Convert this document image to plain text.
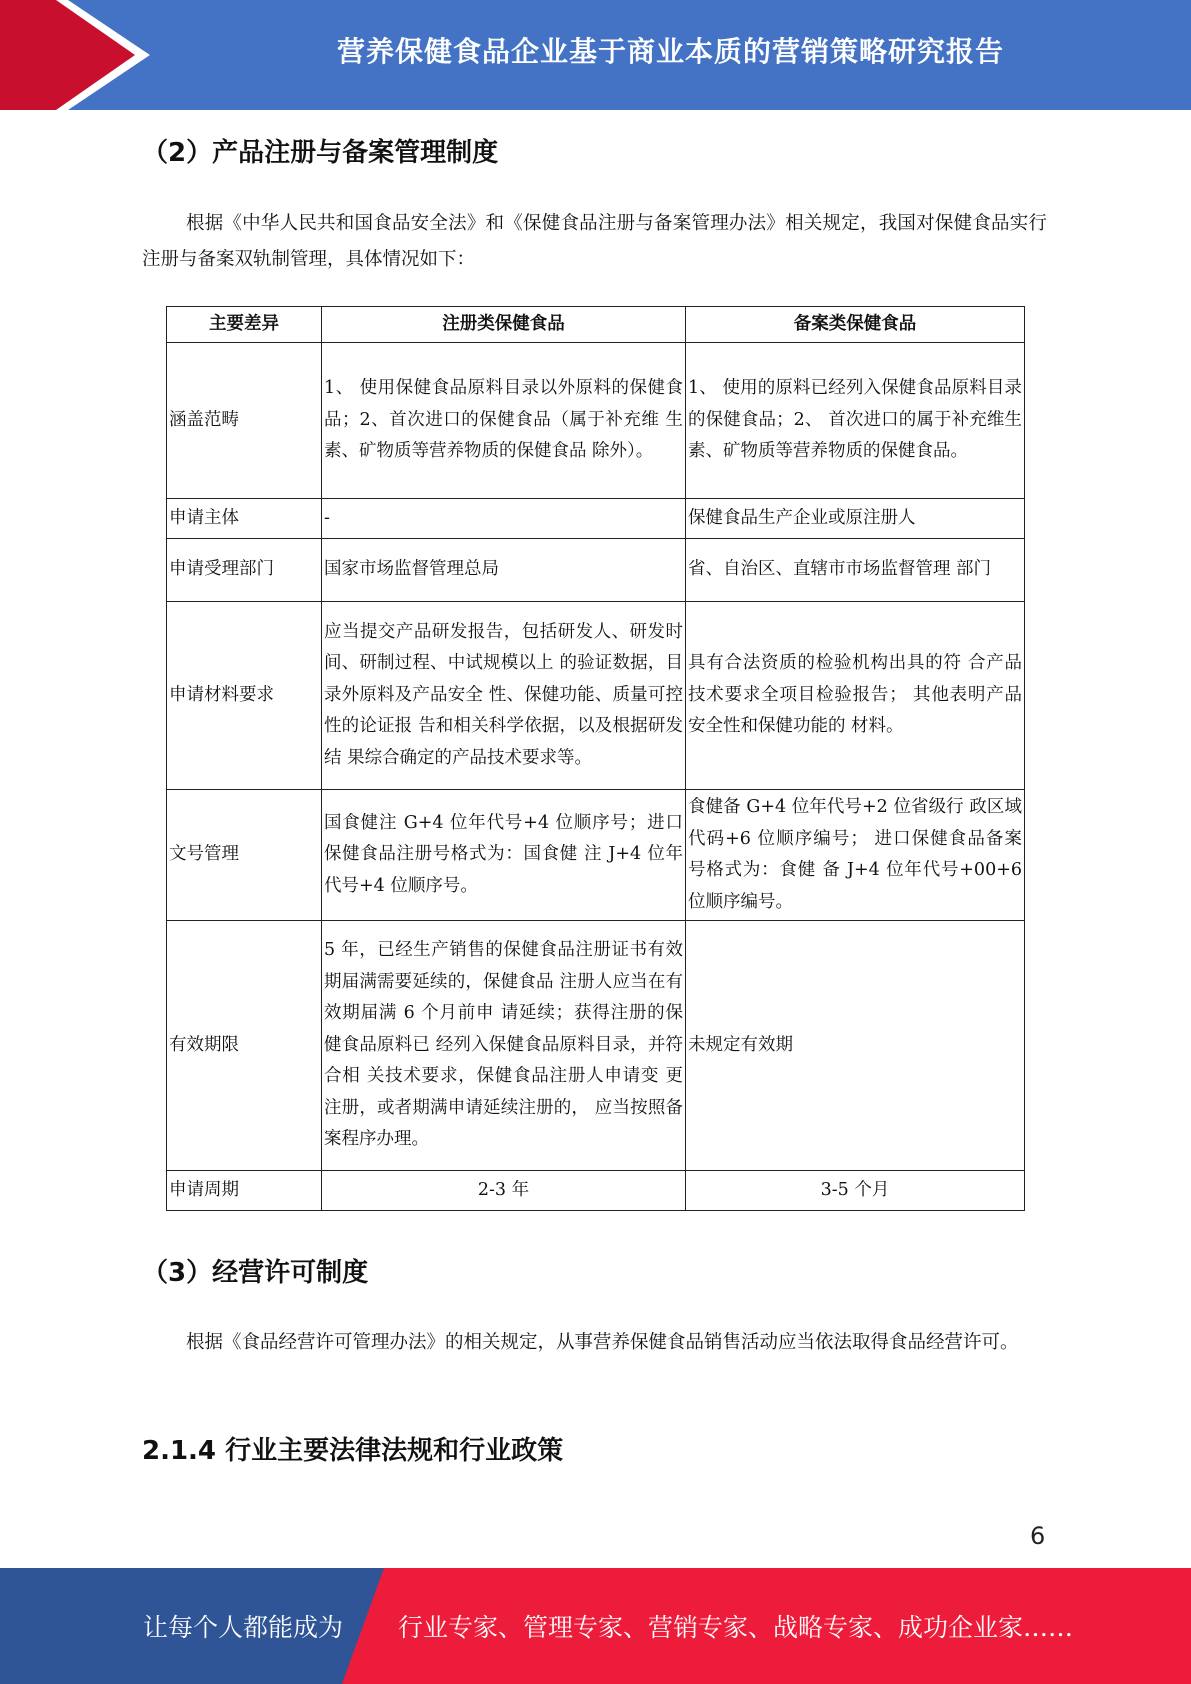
营养保健食品企业基于商业本质的营销策略研究报告
（2）产品注册与备案管理制度
根据《中华人民共和国食品安全法》和《保健食品注册与备案管理办法》相关规定，我国对保健食品实行注册与备案双轨制管理，具体情况如下：
主要差异	注册类保健食品	备案类保健食品
涵盖范畴	1、 使用保健食品原料目录以外原料的保健食品；2、首次进口的保健食品（属于补充维 生素、矿物质等营养物质的保健食品 除外）。	1、 使用的原料已经列入保健食品原料目录的保健食品；2、 首次进口的属于补充维生素、矿物质等营养物质的保健食品。
申请主体	-	保健食品生产企业或原注册人
申请受理部门	国家市场监督管理总局	省、自治区、直辖市市场监督管理 部门
申请材料要求	应当提交产品研发报告，包括研发人、研发时间、研制过程、中试规模以上 的验证数据，目录外原料及产品安全 性、保健功能、质量可控性的论证报 告和相关科学依据，以及根据研发结 果综合确定的产品技术要求等。	具有合法资质的检验机构出具的符 合产品技术要求全项目检验报告； 其他表明产品安全性和保健功能的 材料。
文号管理	国食健注 G+4 位年代号+4 位顺序号；进口保健食品注册号格式为：国食健 注 J+4 位年代号+4 位顺序号。	食健备 G+4 位年代号+2 位省级行 政区域代码+6 位顺序编号； 进口保健食品备案号格式为：食健 备 J+4 位年代号+00+6 位顺序编号。
有效期限	5 年，已经生产销售的保健食品注册证书有效期届满需要延续的，保健食品 注册人应当在有效期届满 6 个月前申 请延续；获得注册的保健食品原料已 经列入保健食品原料目录，并符合相 关技术要求，保健食品注册人申请变 更注册，或者期满申请延续注册的， 应当按照备案程序办理。	未规定有效期
申请周期	2-3 年	3-5 个月
（3）经营许可制度
根据《食品经营许可管理办法》的相关规定，从事营养保健食品销售活动应当依法取得食品经营许可。
2.1.4 行业主要法律法规和行业政策
6
让每个人都能成为 行业专家、管理专家、营销专家、战略专家、成功企业家……
